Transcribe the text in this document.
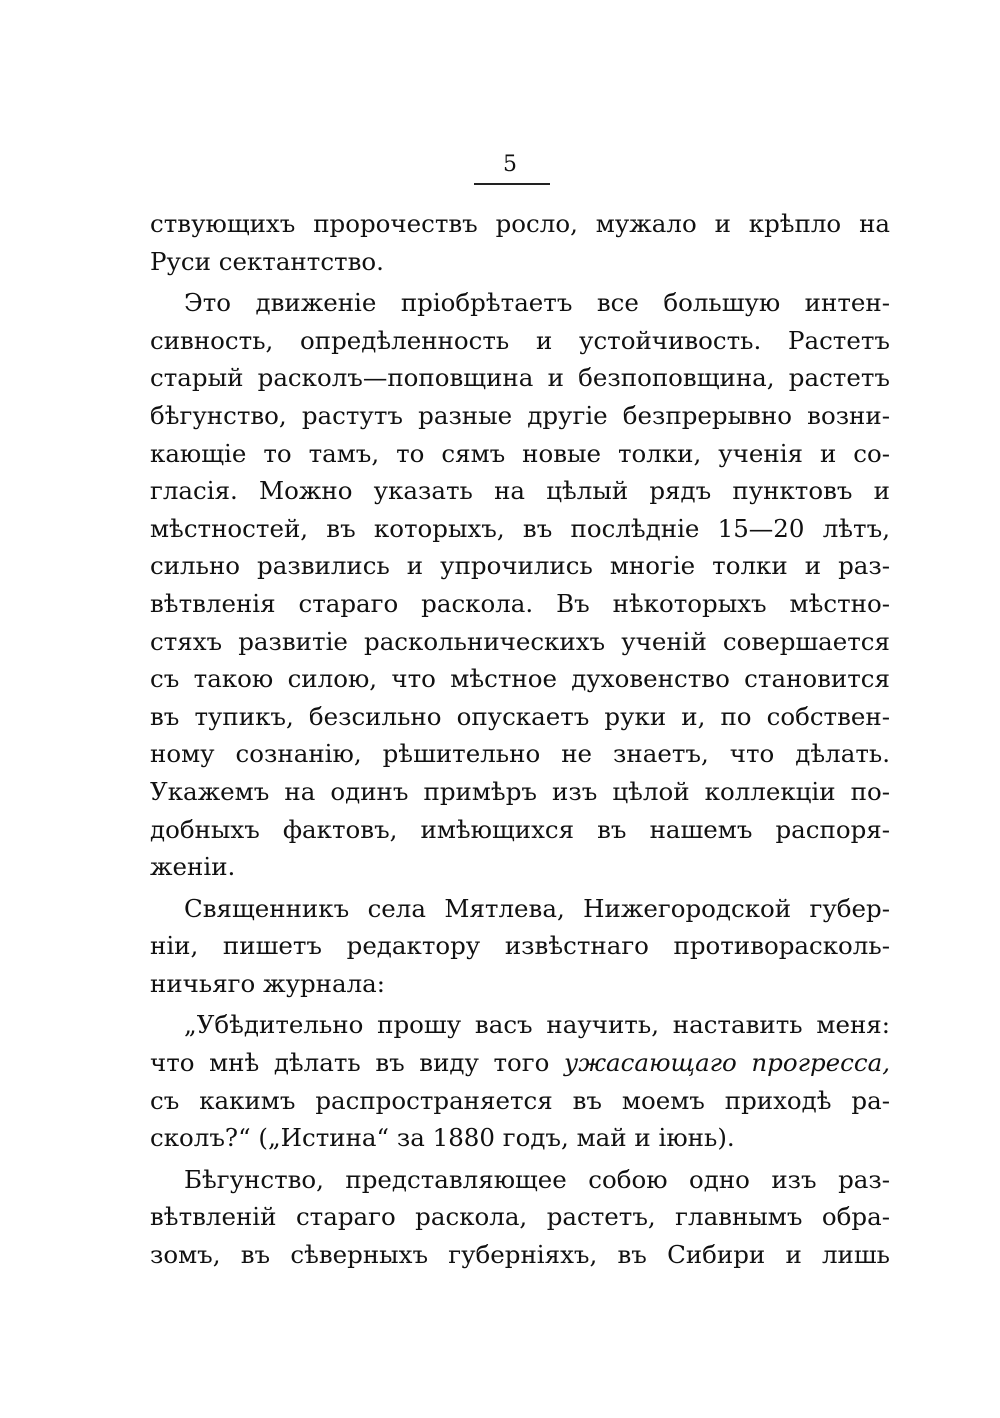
5
ствующихъ пророчествъ росло, мужало и крѣпло на
Руси сектантство.
Это движеніе пріобрѣтаетъ все большую интен-
сивность, опредѣленность и устойчивость. Растетъ
старый расколъ—поповщина и безпоповщина, растетъ
бѣгунство, растутъ разные другіе безпрерывно возни-
кающіе то тамъ, то сямъ новые толки, ученія и со-
гласія. Можно указать на цѣлый рядъ пунктовъ и
мѣстностей, въ которыхъ, въ послѣдніе 15—20 лѣтъ,
сильно развились и упрочились многіе толки и раз-
вѣтвленія стараго раскола. Въ нѣкоторыхъ мѣстно-
стяхъ развитіе раскольническихъ ученій совершается
съ такою силою, что мѣстное духовенство становится
въ тупикъ, безсильно опускаетъ руки и, по собствен-
ному сознанію, рѣшительно не знаетъ, что дѣлать.
Укажемъ на одинъ примѣръ изъ цѣлой коллекціи по-
добныхъ фактовъ, имѣющихся въ нашемъ распоря-
женіи.
Священникъ села Мятлева, Нижегородской губер-
ніи, пишетъ редактору извѣстнаго противорасколь-
ничьяго журнала:
„Убѣдительно прошу васъ научить, наставить меня:
что мнѣ дѣлать въ виду того ужасающаго прогресса,
съ какимъ распространяется въ моемъ приходѣ ра-
сколъ?“ („Истина“ за 1880 годъ, май и іюнь).
Бѣгунство, представляющее собою одно изъ раз-
вѣтвленій стараго раскола, растетъ, главнымъ обра-
зомъ, въ сѣверныхъ губерніяхъ, въ Сибири и лишь
